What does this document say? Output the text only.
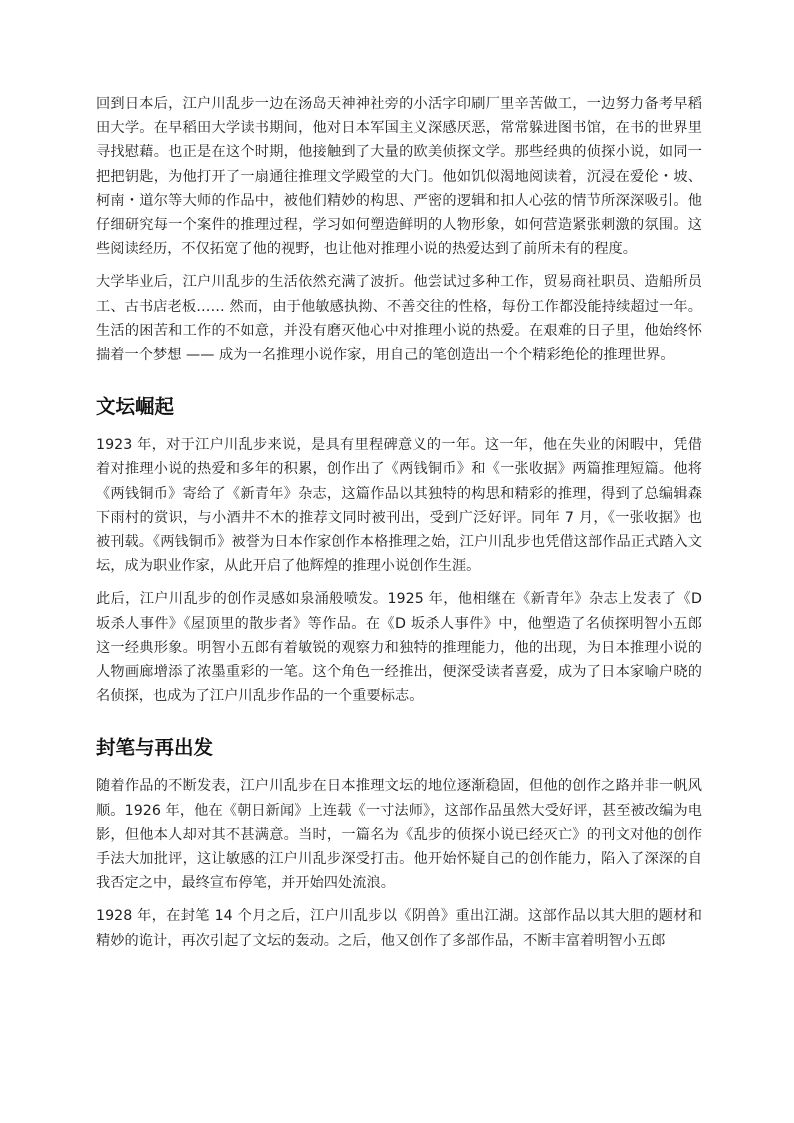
回到日本后，江户川乱步一边在汤岛天神神社旁的小活字印刷厂里辛苦做工，一边努力备考早稻田大学。在早稻田大学读书期间，他对日本军国主义深感厌恶，常常躲进图书馆，在书的世界里寻找慰藉。也正是在这个时期，他接触到了大量的欧美侦探文学。那些经典的侦探小说，如同一把把钥匙，为他打开了一扇通往推理文学殿堂的大门。他如饥似渴地阅读着，沉浸在爱伦・坡、柯南・道尔等大师的作品中，被他们精妙的构思、严密的逻辑和扣人心弦的情节所深深吸引。他仔细研究每一个案件的推理过程，学习如何塑造鲜明的人物形象，如何营造紧张刺激的氛围。这些阅读经历，不仅拓宽了他的视野，也让他对推理小说的热爱达到了前所未有的程度。

大学毕业后，江户川乱步的生活依然充满了波折。他尝试过多种工作，贸易商社职员、造船所员工、古书店老板…… 然而，由于他敏感执拗、不善交往的性格，每份工作都没能持续超过一年。生活的困苦和工作的不如意，并没有磨灭他心中对推理小说的热爱。在艰难的日子里，他始终怀揣着一个梦想 —— 成为一名推理小说作家，用自己的笔创造出一个个精彩绝伦的推理世界。

文坛崛起

1923 年，对于江户川乱步来说，是具有里程碑意义的一年。这一年，他在失业的闲暇中，凭借着对推理小说的热爱和多年的积累，创作出了《两钱铜币》和《一张收据》两篇推理短篇。他将《两钱铜币》寄给了《新青年》杂志，这篇作品以其独特的构思和精彩的推理，得到了总编辑森下雨村的赏识，与小酒井不木的推荐文同时被刊出，受到广泛好评。同年 7 月，《一张收据》也被刊载。《两钱铜币》被誉为日本作家创作本格推理之始，江户川乱步也凭借这部作品正式踏入文坛，成为职业作家，从此开启了他辉煌的推理小说创作生涯。

此后，江户川乱步的创作灵感如泉涌般喷发。1925 年，他相继在《新青年》杂志上发表了《D 坂杀人事件》《屋顶里的散步者》等作品。在《D 坂杀人事件》中，他塑造了名侦探明智小五郎这一经典形象。明智小五郎有着敏锐的观察力和独特的推理能力，他的出现，为日本推理小说的人物画廊增添了浓墨重彩的一笔。这个角色一经推出，便深受读者喜爱，成为了日本家喻户晓的名侦探，也成为了江户川乱步作品的一个重要标志。

封笔与再出发

随着作品的不断发表，江户川乱步在日本推理文坛的地位逐渐稳固，但他的创作之路并非一帆风顺。1926 年，他在《朝日新闻》上连载《一寸法师》，这部作品虽然大受好评，甚至被改编为电影，但他本人却对其不甚满意。当时，一篇名为《乱步的侦探小说已经灭亡》的刊文对他的创作手法大加批评，这让敏感的江户川乱步深受打击。他开始怀疑自己的创作能力，陷入了深深的自我否定之中，最终宣布停笔，并开始四处流浪。

1928 年，在封笔 14 个月之后，江户川乱步以《阴兽》重出江湖。这部作品以其大胆的题材和精妙的诡计，再次引起了文坛的轰动。之后，他又创作了多部作品，不断丰富着明智小五郎
